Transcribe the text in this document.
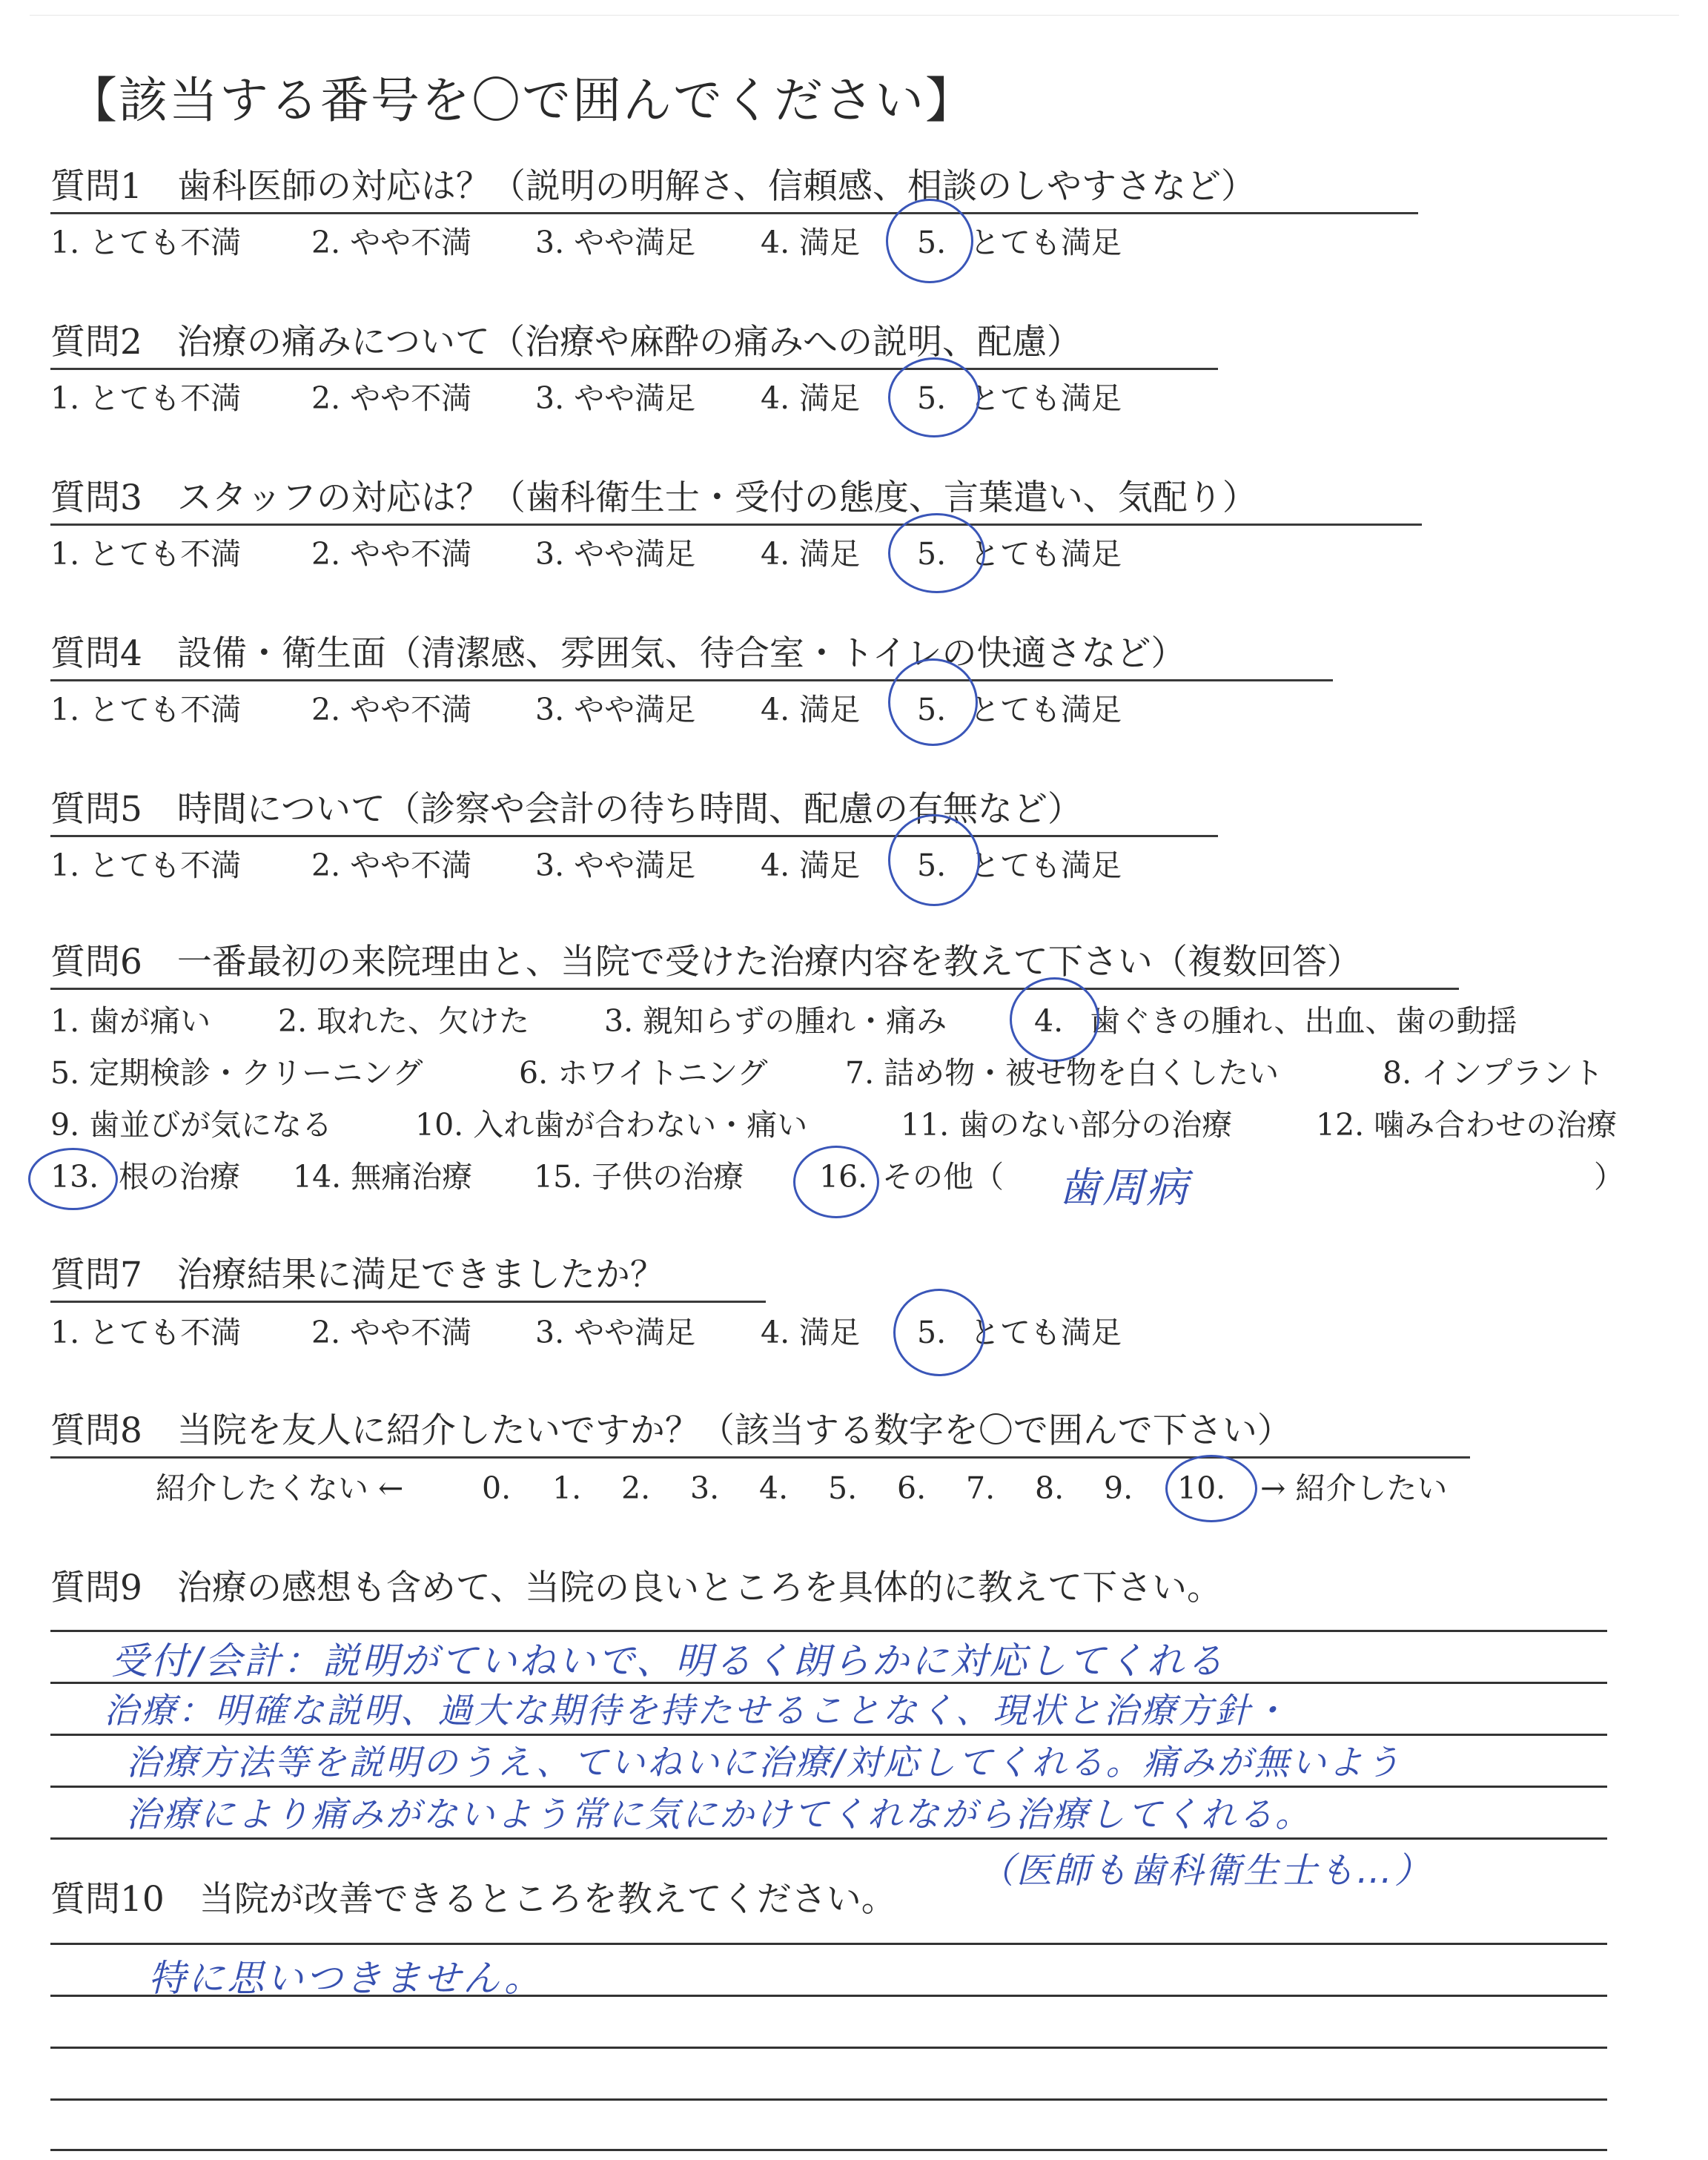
【該当する番号を〇で囲んでください】
質問1　歯科医師の対応は？（説明の明解さ、信頼感、相談のしやすさなど）
1. とても不満 2. やや不満 3. やや満足 4. 満足 5. とても満足
質問2　治療の痛みについて（治療や麻酔の痛みへの説明、配慮）
1. とても不満 2. やや不満 3. やや満足 4. 満足 5. とても満足
質問3　スタッフの対応は？（歯科衛生士・受付の態度、言葉遣い、気配り）
1. とても不満 2. やや不満 3. やや満足 4. 満足 5. とても満足
質問4　設備・衛生面（清潔感、雰囲気、待合室・トイレの快適さなど）
1. とても不満 2. やや不満 3. やや満足 4. 満足 5. とても満足
質問5　時間について（診察や会計の待ち時間、配慮の有無など）
1. とても不満 2. やや不満 3. やや満足 4. 満足 5. とても満足
質問6　一番最初の来院理由と、当院で受けた治療内容を教えて下さい（複数回答）
1. 歯が痛い 2. 取れた、欠けた 3. 親知らずの腫れ・痛み	4. 歯ぐきの腫れ、出血、歯の動揺
5. 定期検診・クリーニング	6. ホワイトニング	7. 詰め物・被せ物を白くしたい	8. インプラント
9. 歯並びが気になる	10. 入れ歯が合わない・痛い	11. 歯のない部分の治療	12. 噛み合わせの治療
13. 根の治療 14. 無痛治療 15. 子供の治療 16. その他（ 歯周病	）
質問7　治療結果に満足できましたか？
1. とても不満 2. やや不満 3. やや満足 4. 満足 5. とても満足
質問8　当院を友人に紹介したいですか？（該当する数字を〇で囲んで下さい）
紹介したくない ←	0. 1. 2. 3. 4. 5. 6. 7. 8. 9. 10. → 紹介したい
質問9　治療の感想も含めて、当院の良いところを具体的に教えて下さい。
受付/会計：説明がていねいで、明るく朗らかに対応してくれる
治療：明確な説明、過大な期待を持たせることなく、現状と治療方針・
治療方法等を説明のうえ、ていねいに治療/対応してくれる。痛みが無いよう
治療により痛みがないよう常に気にかけてくれながら治療してくれる。
（医師も歯科衛生士も…）
質問10　当院が改善できるところを教えてください。
特に思いつきません。
